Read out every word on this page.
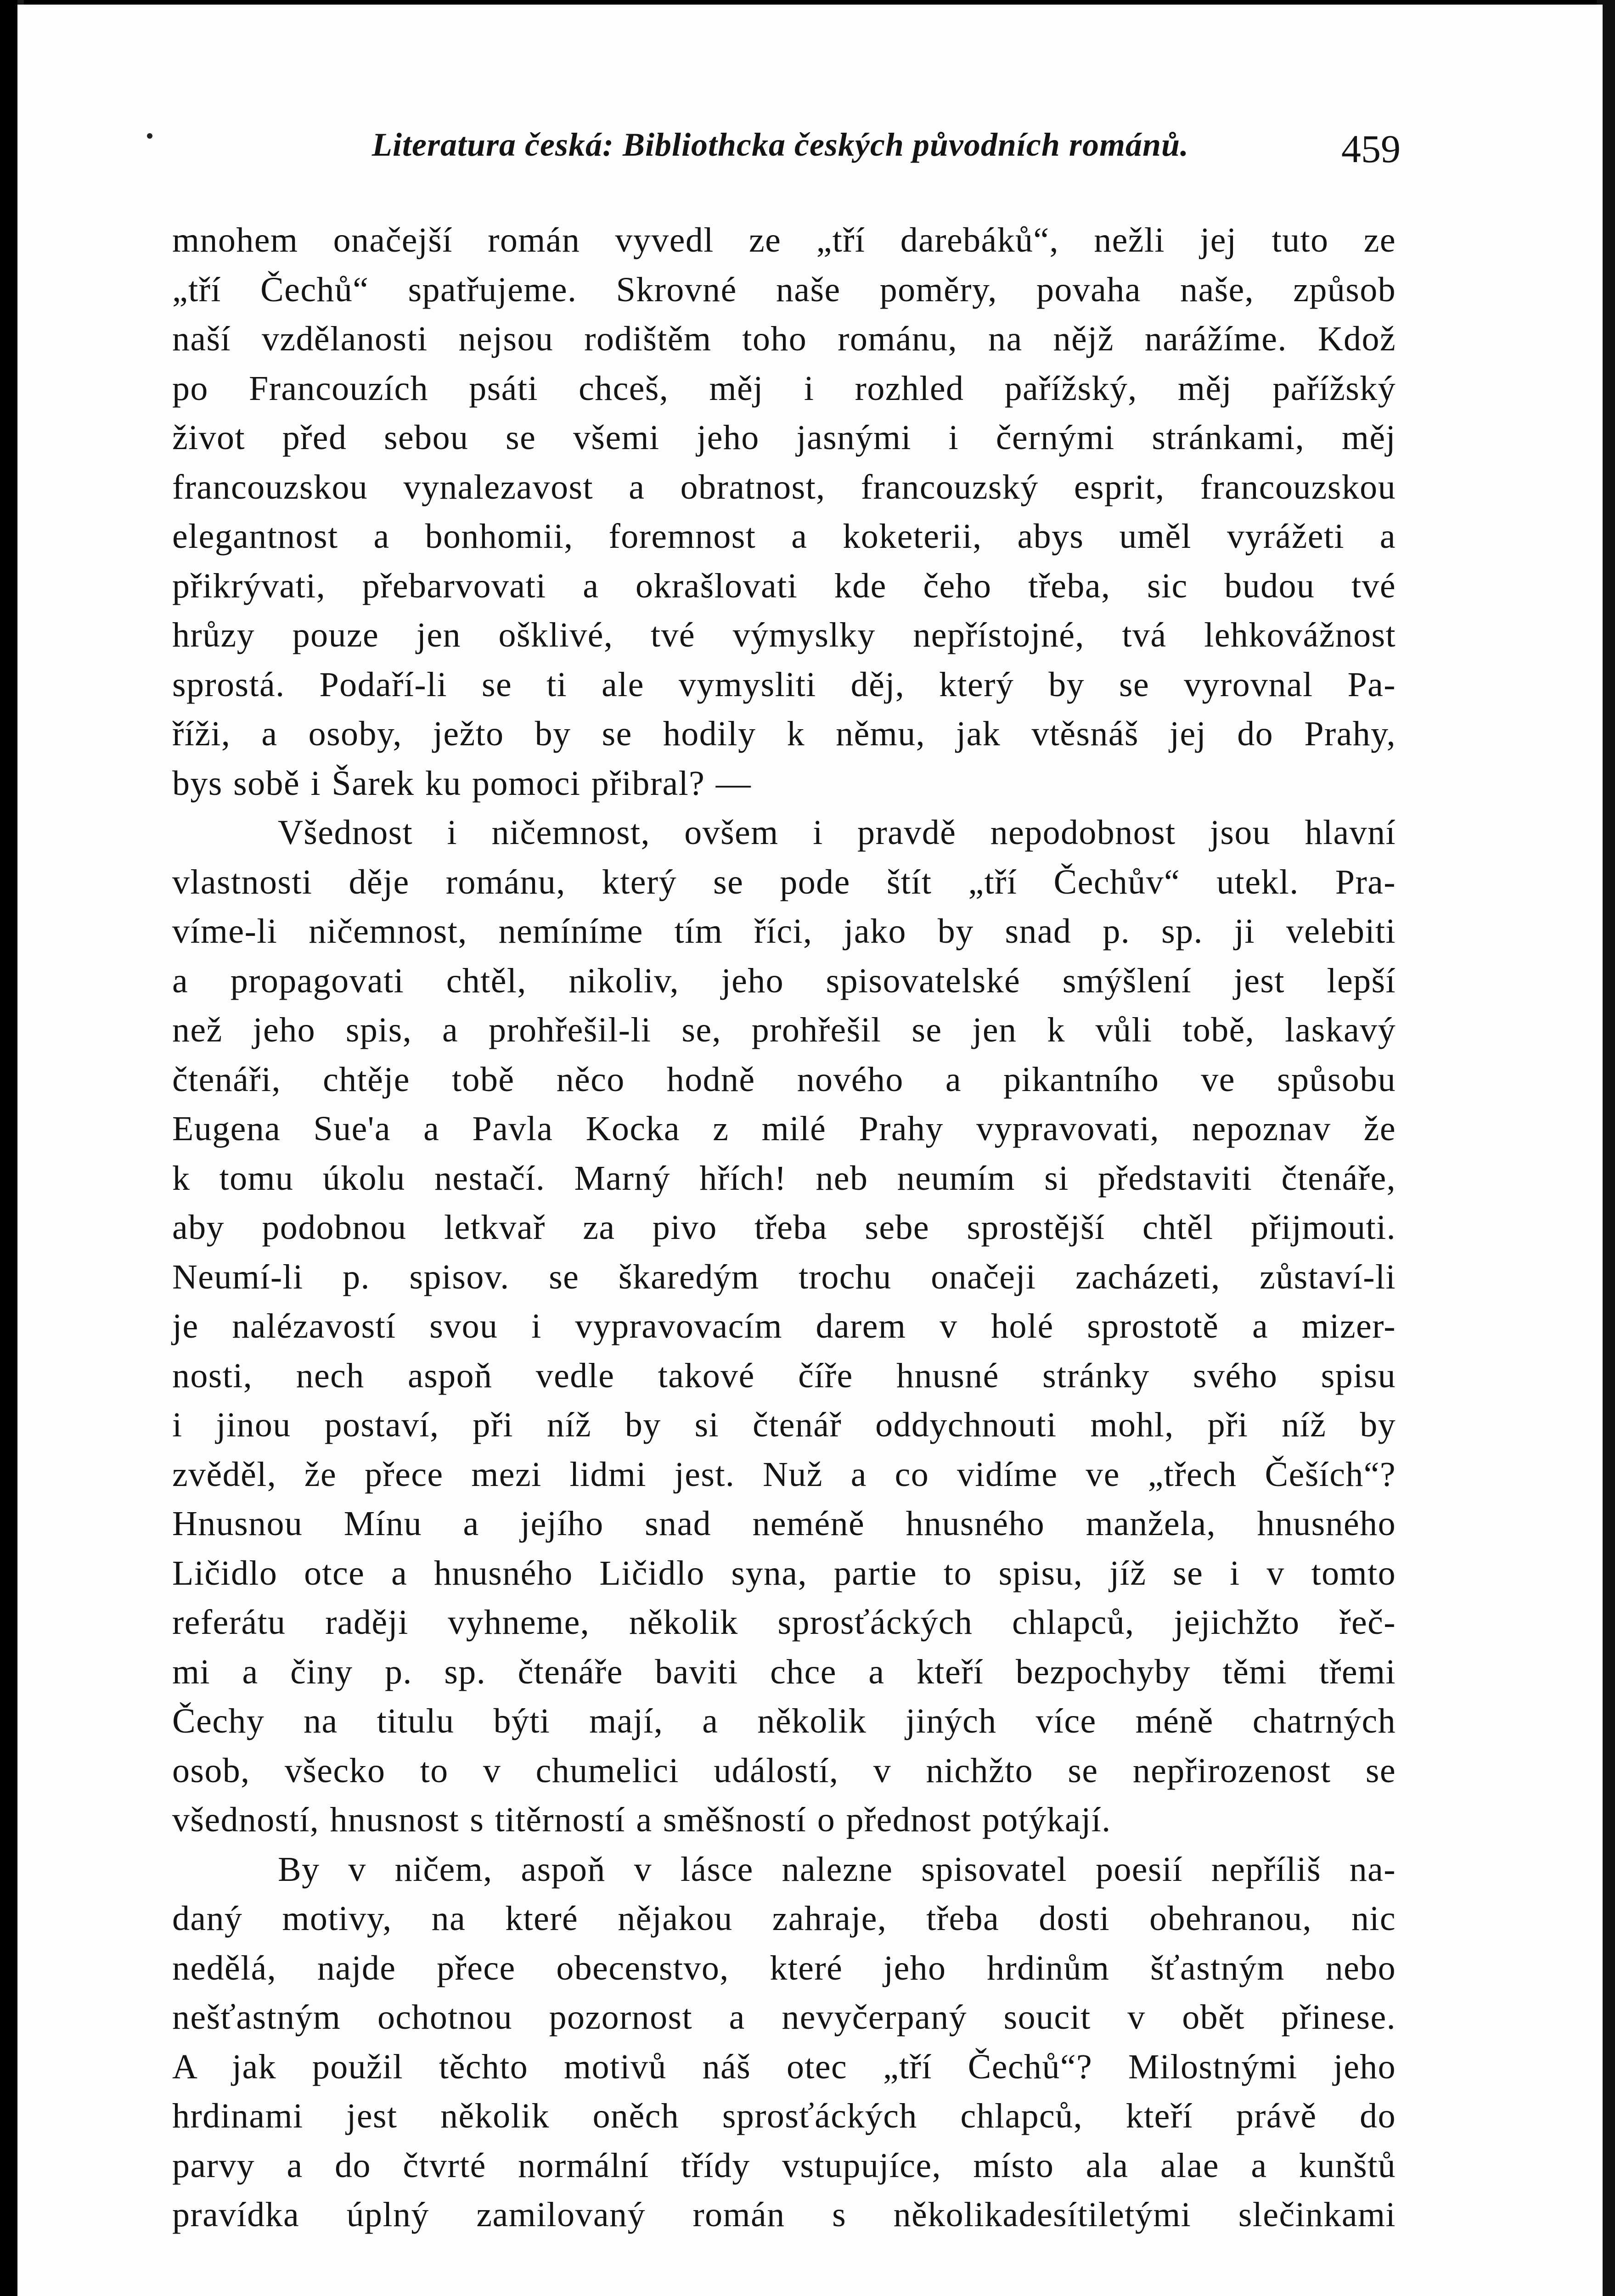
Literatura česká: Bibliothcka českých původních románů.	459
mnohem onačejší román vyvedl ze „tří darebáků“, nežli jej tuto ze
„tří Čechů“ spatřujeme. Skrovné naše poměry, povaha naše, způsob
naší vzdělanosti nejsou rodištěm toho románu, na nějž narážíme. Kdož
po Francouzích psáti chceš, měj i rozhled pařížský, měj pařížský
život před sebou se všemi jeho jasnými i černými stránkami, měj
francouzskou vynalezavost a obratnost, francouzský esprit, francouzskou
elegantnost a bonhomii, foremnost a koketerii, abys uměl vyrážeti a
přikrývati, přebarvovati a okrašlovati kde čeho třeba, sic budou tvé
hrůzy pouze jen ošklivé, tvé výmyslky nepřístojné, tvá lehkovážnost
sprostá. Podaří-li se ti ale vymysliti děj, který by se vyrovnal Pa-
říži, a osoby, ježto by se hodily k němu, jak vtěsnáš jej do Prahy,
bys sobě i Šarek ku pomoci přibral? —
Všednost i ničemnost, ovšem i pravdě nepodobnost jsou hlavní
vlastnosti děje románu, který se pode štít „tří Čechův“ utekl. Pra-
víme-li ničemnost, nemíníme tím říci, jako by snad p. sp. ji velebiti
a propagovati chtěl, nikoliv, jeho spisovatelské smýšlení jest lepší
než jeho spis, a prohřešil-li se, prohřešil se jen k vůli tobě, laskavý
čtenáři, chtěje tobě něco hodně nového a pikantního ve spůsobu
Eugena Sue'a a Pavla Kocka z milé Prahy vypravovati, nepoznav že
k tomu úkolu nestačí. Marný hřích! neb neumím si představiti čtenáře,
aby podobnou letkvař za pivo třeba sebe sprostější chtěl přijmouti.
Neumí-li p. spisov. se škaredým trochu onačeji zacházeti, zůstaví-li
je nalézavostí svou i vypravovacím darem v holé sprostotě a mizer-
nosti, nech aspoň vedle takové číře hnusné stránky svého spisu
i jinou postaví, při níž by si čtenář oddychnouti mohl, při níž by
zvěděl, že přece mezi lidmi jest. Nuž a co vidíme ve „třech Češích“?
Hnusnou Mínu a jejího snad neméně hnusného manžela, hnusného
Ličidlo otce a hnusného Ličidlo syna, partie to spisu, jíž se i v tomto
referátu raději vyhneme, několik sprosťáckých chlapců, jejichžto řeč-
mi a činy p. sp. čtenáře baviti chce a kteří bezpochyby těmi třemi
Čechy na titulu býti mají, a několik jiných více méně chatrných
osob, všecko to v chumelici událostí, v nichžto se nepřirozenost se
všedností, hnusnost s titěrností a směšností o přednost potýkají.
By v ničem, aspoň v lásce nalezne spisovatel poesií nepříliš na-
daný motivy, na které nějakou zahraje, třeba dosti obehranou, nic
nedělá, najde přece obecenstvo, které jeho hrdinům šťastným nebo
nešťastným ochotnou pozornost a nevyčerpaný soucit v obět přinese.
A jak použil těchto motivů náš otec „tří Čechů“? Milostnými jeho
hrdinami jest několik oněch sprosťáckých chlapců, kteří právě do
parvy a do čtvrté normální třídy vstupujíce, místo ala alae a kunštů
pravídka úplný zamilovaný román s několikadesítiletými slečinkami
